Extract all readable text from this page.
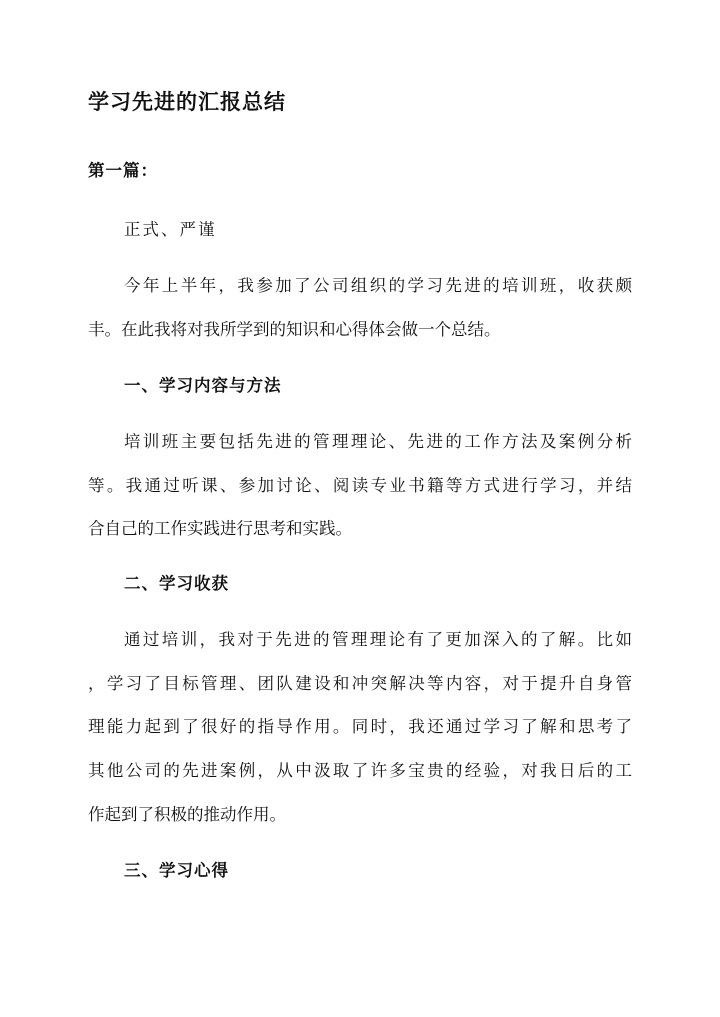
学习先进的汇报总结
第一篇：

正式、严谨

今年上半年，我参加了公司组织的学习先进的培训班，收获颇

丰。在此我将对我所学到的知识和心得体会做一个总结。

一、学习内容与方法

培训班主要包括先进的管理理论、先进的工作方法及案例分析

等。我通过听课、参加讨论、阅读专业书籍等方式进行学习，并结

合自己的工作实践进行思考和实践。

二、学习收获

通过培训，我对于先进的管理理论有了更加深入的了解。比如

，学习了目标管理、团队建设和冲突解决等内容，对于提升自身管

理能力起到了很好的指导作用。同时，我还通过学习了解和思考了

其他公司的先进案例，从中汲取了许多宝贵的经验，对我日后的工

作起到了积极的推动作用。

三、学习心得
